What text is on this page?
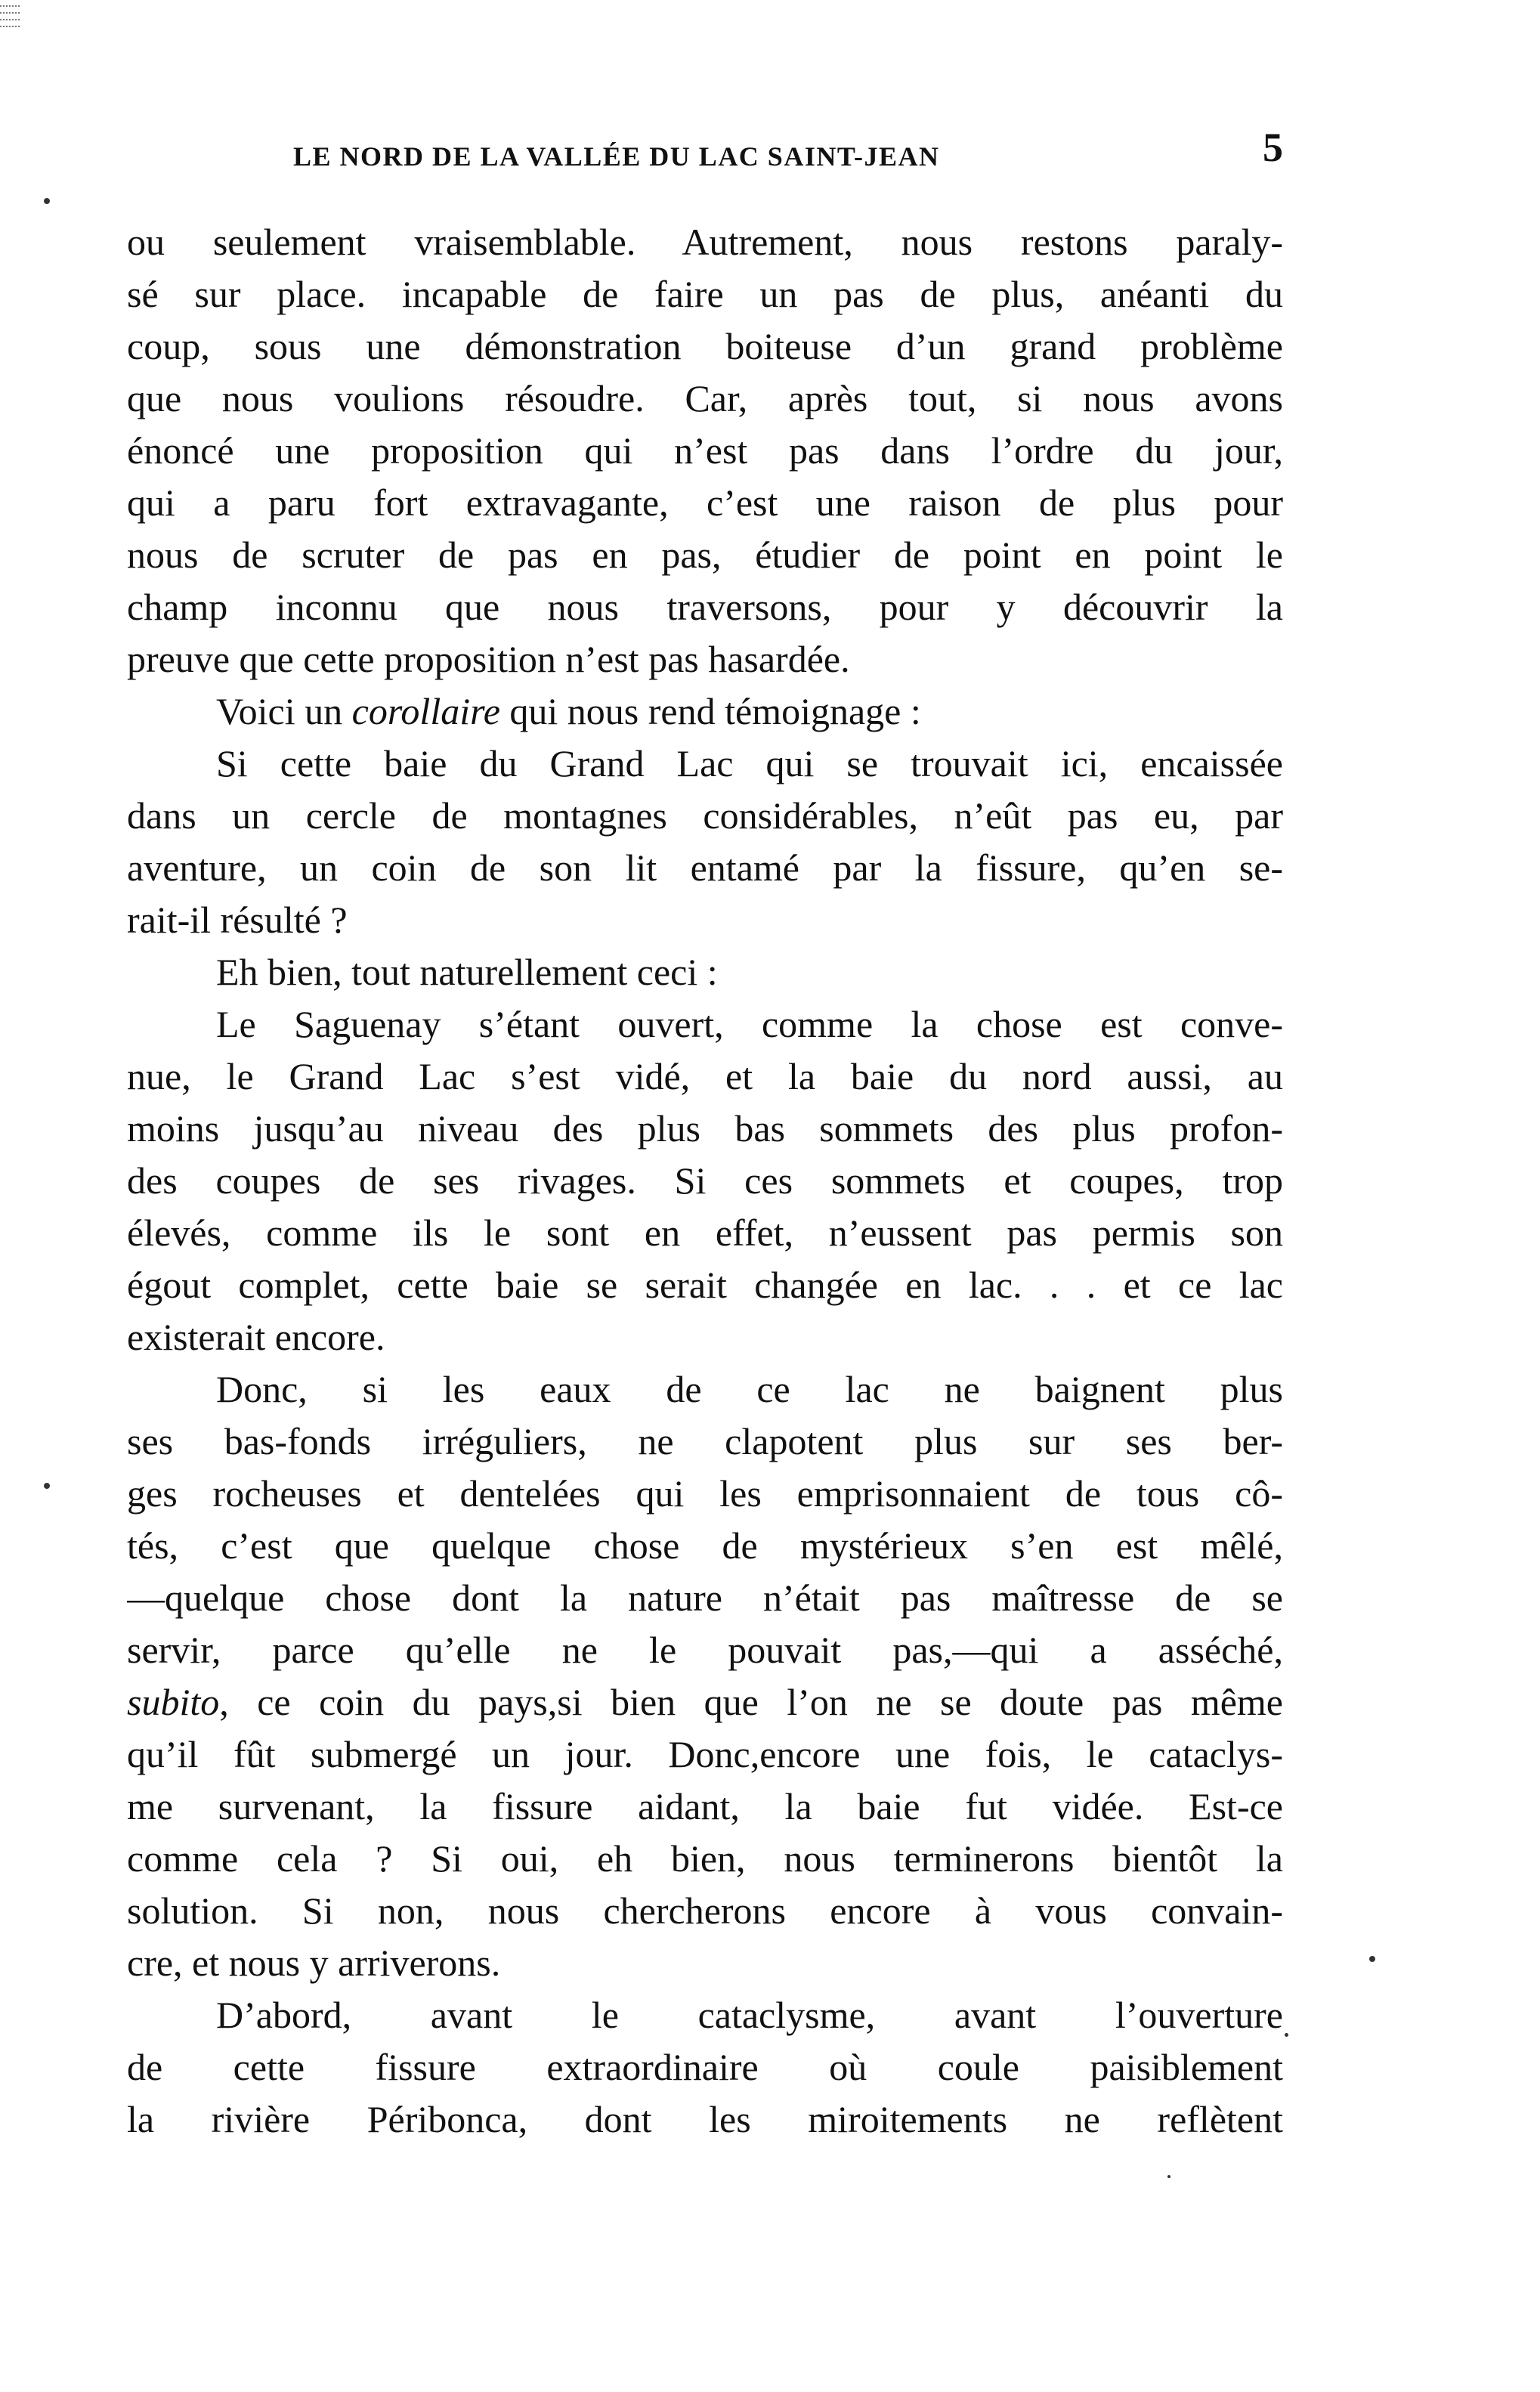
LE NORD DE LA VALLÉE DU LAC SAINT-JEAN	5
ou seulement vraisemblable. Autrement, nous restons paraly-
sé sur place. incapable de faire un pas de plus, anéanti du
coup, sous une démonstration boiteuse d’un grand problème
que nous voulions résoudre. Car, après tout, si nous avons
énoncé une proposition qui n’est pas dans l’ordre du jour,
qui a paru fort extravagante, c’est une raison de plus pour
nous de scruter de pas en pas, étudier de point en point le
champ inconnu que nous traversons, pour y découvrir la
preuve que cette proposition n’est pas hasardée.
Voici un corollaire qui nous rend témoignage :
Si cette baie du Grand Lac qui se trouvait ici, encaissée
dans un cercle de montagnes considérables, n’eût pas eu, par
aventure, un coin de son lit entamé par la fissure, qu’en se-
rait-il résulté ?
Eh bien, tout naturellement ceci :
Le Saguenay s’étant ouvert, comme la chose est conve-
nue, le Grand Lac s’est vidé, et la baie du nord aussi, au
moins jusqu’au niveau des plus bas sommets des plus profon-
des coupes de ses rivages. Si ces sommets et coupes, trop
élevés, comme ils le sont en effet, n’eussent pas permis son
égout complet, cette baie se serait changée en lac. . . et ce lac
existerait encore.
Donc, si les eaux de ce lac ne baignent plus
ses bas-fonds irréguliers, ne clapotent plus sur ses ber-
ges rocheuses et dentelées qui les emprisonnaient de tous cô-
tés, c’est que quelque chose de mystérieux s’en est mêlé,
—quelque chose dont la nature n’était pas maîtresse de se
servir, parce qu’elle ne le pouvait pas,—qui a asséché,
subito, ce coin du pays,si bien que l’on ne se doute pas même
qu’il fût submergé un jour. Donc,encore une fois, le cataclys-
me survenant, la fissure aidant, la baie fut vidée. Est-ce
comme cela ? Si oui, eh bien, nous terminerons bientôt la
solution. Si non, nous chercherons encore à vous convain-
cre, et nous y arriverons.
D’abord, avant le cataclysme, avant l’ouverture
de cette fissure extraordinaire où coule paisiblement
la rivière Péribonca, dont les miroitements ne reflètent
